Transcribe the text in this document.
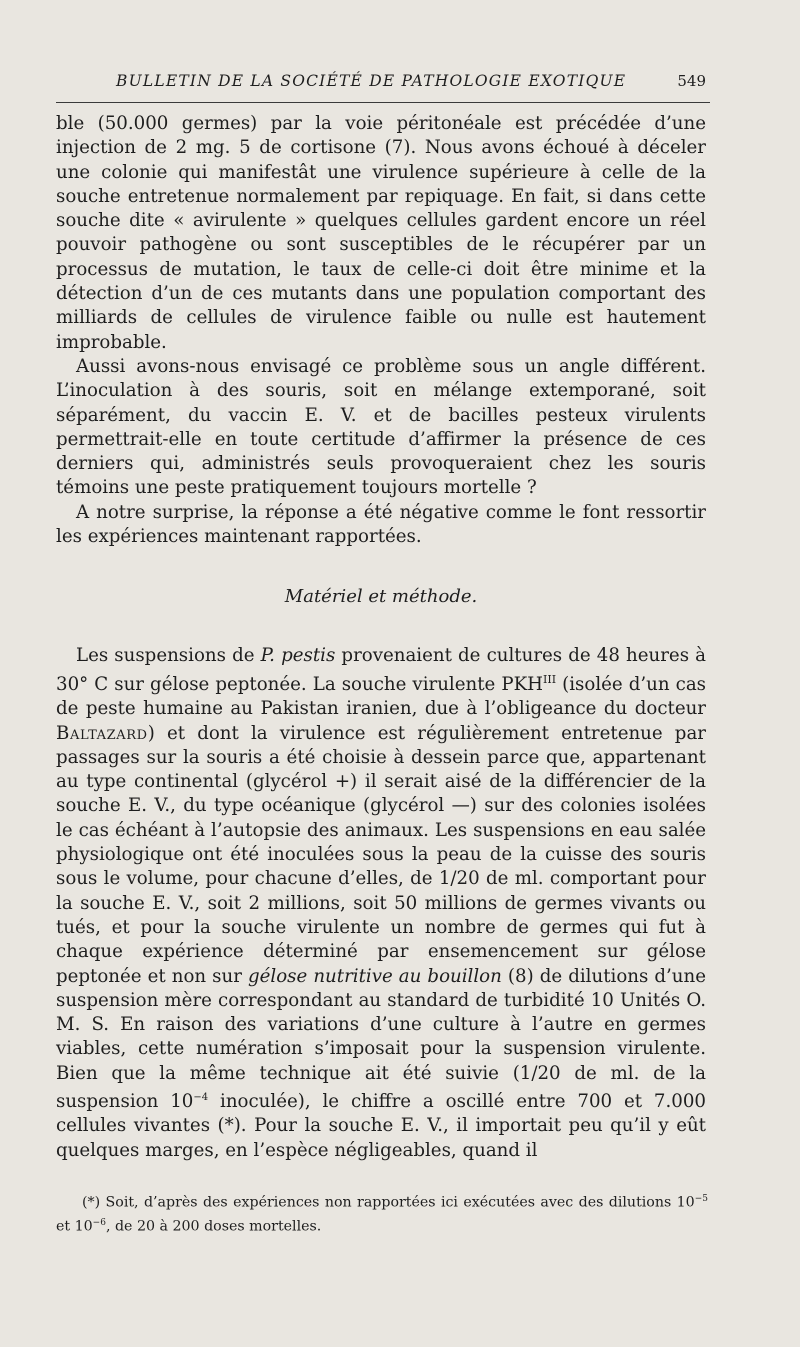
BULLETIN DE LA SOCIÉTÉ DE PATHOLOGIE EXOTIQUE	549

ble (50.000 germes) par la voie péritonéale est précédée d’une injection de 2 mg. 5 de cortisone (7). Nous avons échoué à déceler une colonie qui manifestât une virulence supérieure à celle de la souche entretenue normalement par repiquage. En fait, si dans cette souche dite « avirulente » quelques cellules gardent encore un réel pouvoir pathogène ou sont susceptibles de le récupérer par un processus de mutation, le taux de celle-ci doit être minime et la détection d’un de ces mutants dans une population comportant des milliards de cellules de virulence faible ou nulle est hautement improbable.

Aussi avons-nous envisagé ce problème sous un angle différent. L’inoculation à des souris, soit en mélange extemporané, soit séparément, du vaccin E. V. et de bacilles pesteux virulents permettrait-elle en toute certitude d’affirmer la présence de ces derniers qui, administrés seuls provoqueraient chez les souris témoins une peste pratiquement toujours mortelle ?

A notre surprise, la réponse a été négative comme le font ressortir les expériences maintenant rapportées.

Matériel et méthode.

Les suspensions de P. pestis provenaient de cultures de 48 heures à 30° C sur gélose peptonée. La souche virulente $PKH^{III}$ (isolée d’un cas de peste humaine au Pakistan iranien, due à l’obligeance du docteur Baltazard) et dont la virulence est régulièrement entretenue par passages sur la souris a été choisie à dessein parce que, appartenant au type continental (glycérol +) il serait aisé de la différencier de la souche E. V., du type océanique (glycérol —) sur des colonies isolées le cas échéant à l’autopsie des animaux. Les suspensions en eau salée physiologique ont été inoculées sous la peau de la cuisse des souris sous le volume, pour chacune d’elles, de 1/20 de ml. comportant pour la souche E. V., soit 2 millions, soit 50 millions de germes vivants ou tués, et pour la souche virulente un nombre de germes qui fut à chaque expérience déterminé par ensemencement sur gélose peptonée et non sur gélose nutritive au bouillon (8) de dilutions d’une suspension mère correspondant au standard de turbidité 10 Unités O. M. S. En raison des variations d’une culture à l’autre en germes viables, cette numération s’imposait pour la suspension virulente. Bien que la même technique ait été suivie (1/20 de ml. de la suspension $10^{-4}$ inoculée), le chiffre a oscillé entre 700 et 7.000 cellules vivantes (*). Pour la souche E. V., il importait peu qu’il y eût quelques marges, en l’espèce négligeables, quand il

(*) Soit, d’après des expériences non rapportées ici exécutées avec des dilutions $10^{-5}$ et $10^{-6}$, de 20 à 200 doses mortelles.
